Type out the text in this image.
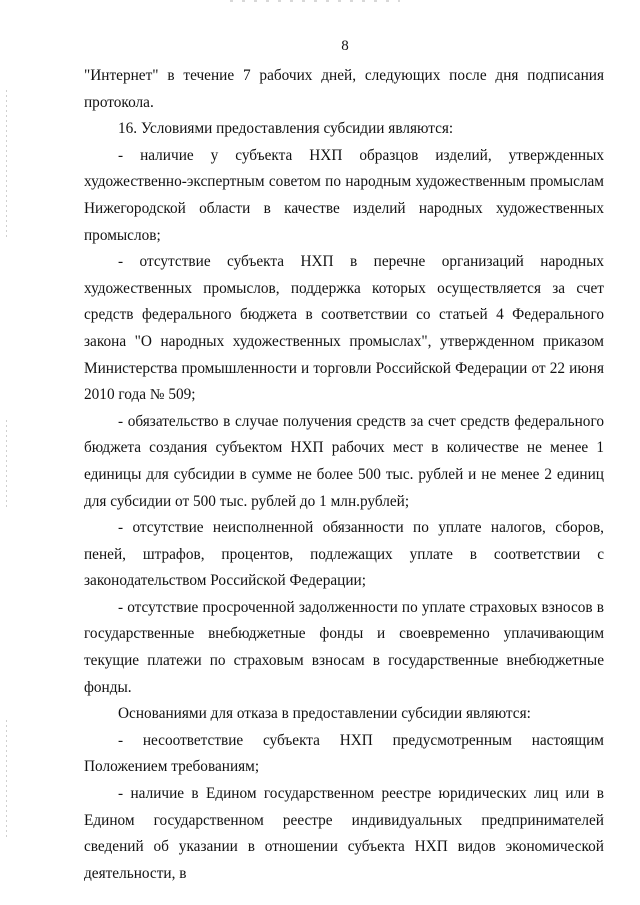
8

"Интернет" в течение 7 рабочих дней, следующих после дня подписания протокола.

16. Условиями предоставления субсидии являются:

- наличие у субъекта НХП образцов изделий, утвержденных художественно-экспертным советом по народным художественным промыслам Нижегородской области в качестве изделий народных художественных промыслов;

- отсутствие субъекта НХП в перечне организаций народных художественных промыслов, поддержка которых осуществляется за счет средств федерального бюджета в соответствии со статьей 4 Федерального закона "О народных художественных промыслах", утвержденном приказом Министерства промышленности и торговли Российской Федерации от 22 июня 2010 года № 509;

- обязательство в случае получения средств за счет средств федерального бюджета создания субъектом НХП рабочих мест в количестве не менее 1 единицы для субсидии в сумме не более 500 тыс. рублей и не менее 2 единиц для субсидии от 500 тыс. рублей до 1 млн.рублей;

- отсутствие неисполненной обязанности по уплате налогов, сборов, пеней, штрафов, процентов, подлежащих уплате в соответствии с законодательством Российской Федерации;

- отсутствие просроченной задолженности по уплате страховых взносов в государственные внебюджетные фонды и своевременно уплачивающим текущие платежи по страховым взносам в государственные внебюджетные фонды.

Основаниями для отказа в предоставлении субсидии являются:

- несоответствие субъекта НХП предусмотренным настоящим Положением требованиям;

- наличие в Едином государственном реестре юридических лиц или в Едином государственном реестре индивидуальных предпринимателей сведений об указании в отношении субъекта НХП видов экономической деятельности, в
